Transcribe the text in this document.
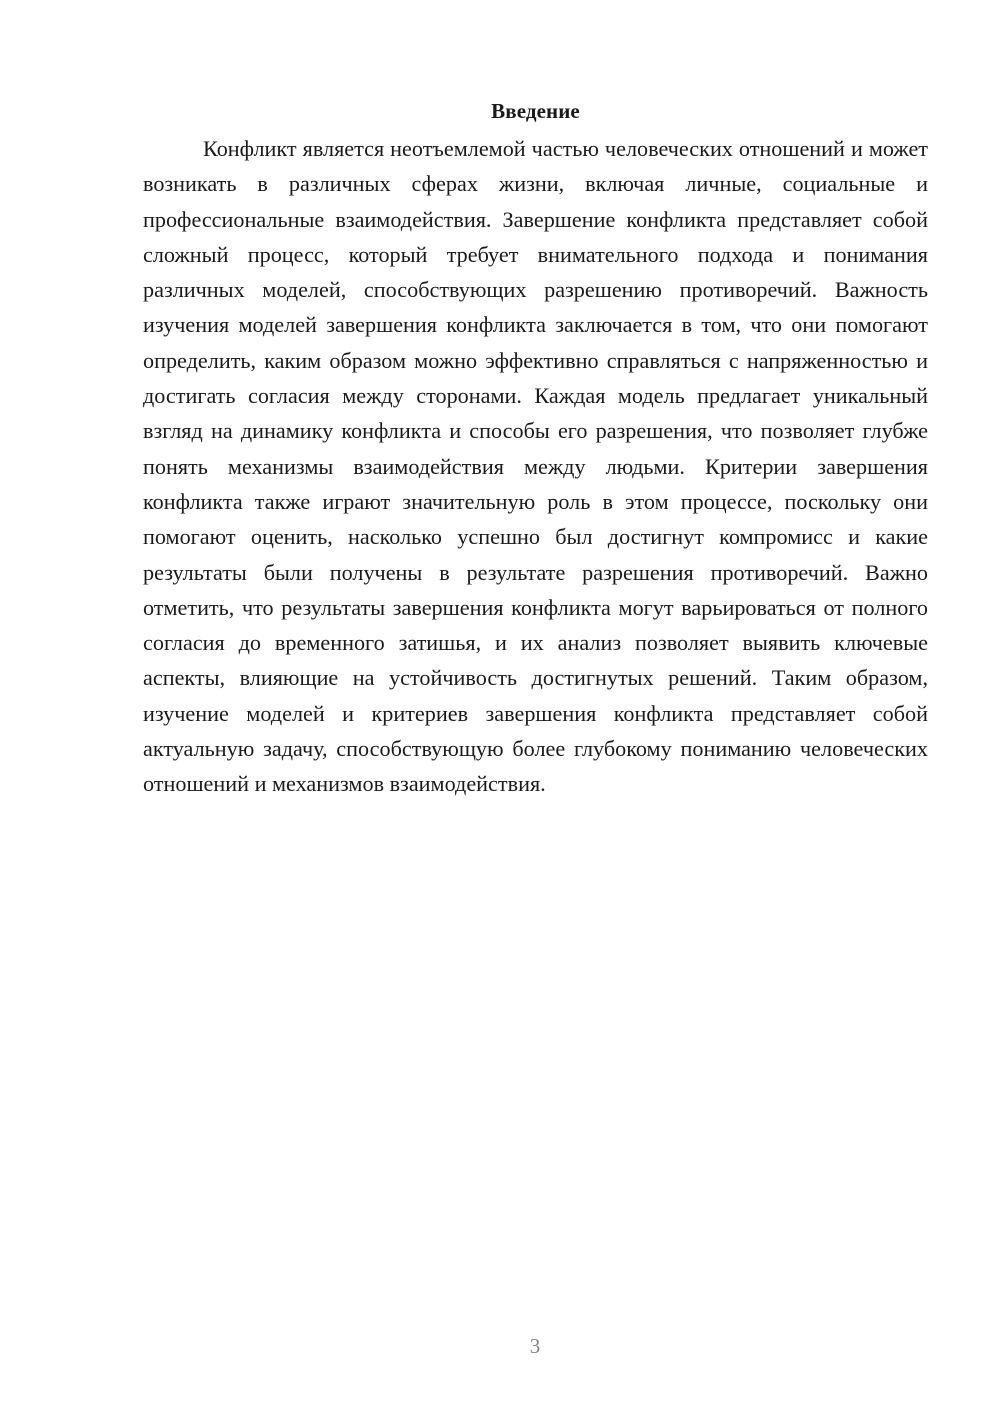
Введение

Конфликт является неотъемлемой частью человеческих отношений и может возникать в различных сферах жизни, включая личные, социальные и профессиональные взаимодействия. Завершение конфликта представляет собой сложный процесс, который требует внимательного подхода и понимания различных моделей, способствующих разрешению противоречий. Важность изучения моделей завершения конфликта заключается в том, что они помогают определить, каким образом можно эффективно справляться с напряженностью и достигать согласия между сторонами. Каждая модель предлагает уникальный взгляд на динамику конфликта и способы его разрешения, что позволяет глубже понять механизмы взаимодействия между людьми. Критерии завершения конфликта также играют значительную роль в этом процессе, поскольку они помогают оценить, насколько успешно был достигнут компромисс и какие результаты были получены в результате разрешения противоречий. Важно отметить, что результаты завершения конфликта могут варьироваться от полного согласия до временного затишья, и их анализ позволяет выявить ключевые аспекты, влияющие на устойчивость достигнутых решений. Таким образом, изучение моделей и критериев завершения конфликта представляет собой актуальную задачу, способствующую более глубокому пониманию человеческих отношений и механизмов взаимодействия.

3
